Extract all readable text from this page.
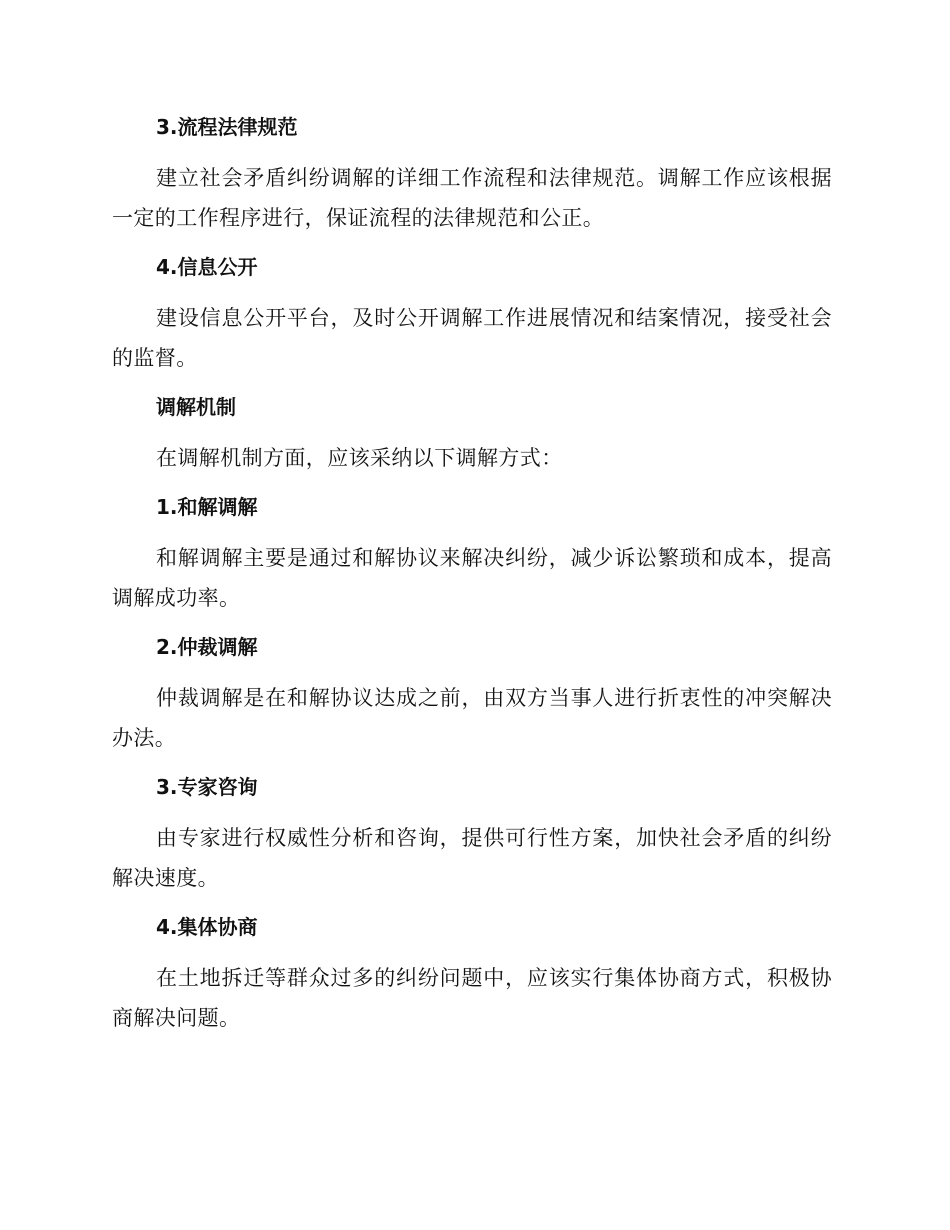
3.流程法律规范
建立社会矛盾纠纷调解的详细工作流程和法律规范。调解工作应该根据一定的工作程序进行，保证流程的法律规范和公正。
4.信息公开
建设信息公开平台，及时公开调解工作进展情况和结案情况，接受社会的监督。
调解机制
在调解机制方面，应该采纳以下调解方式：
1.和解调解
和解调解主要是通过和解协议来解决纠纷，减少诉讼繁琐和成本，提高调解成功率。
2.仲裁调解
仲裁调解是在和解协议达成之前，由双方当事人进行折衷性的冲突解决办法。
3.专家咨询
由专家进行权威性分析和咨询，提供可行性方案，加快社会矛盾的纠纷解决速度。
4.集体协商
在土地拆迁等群众过多的纠纷问题中，应该实行集体协商方式，积极协商解决问题。
